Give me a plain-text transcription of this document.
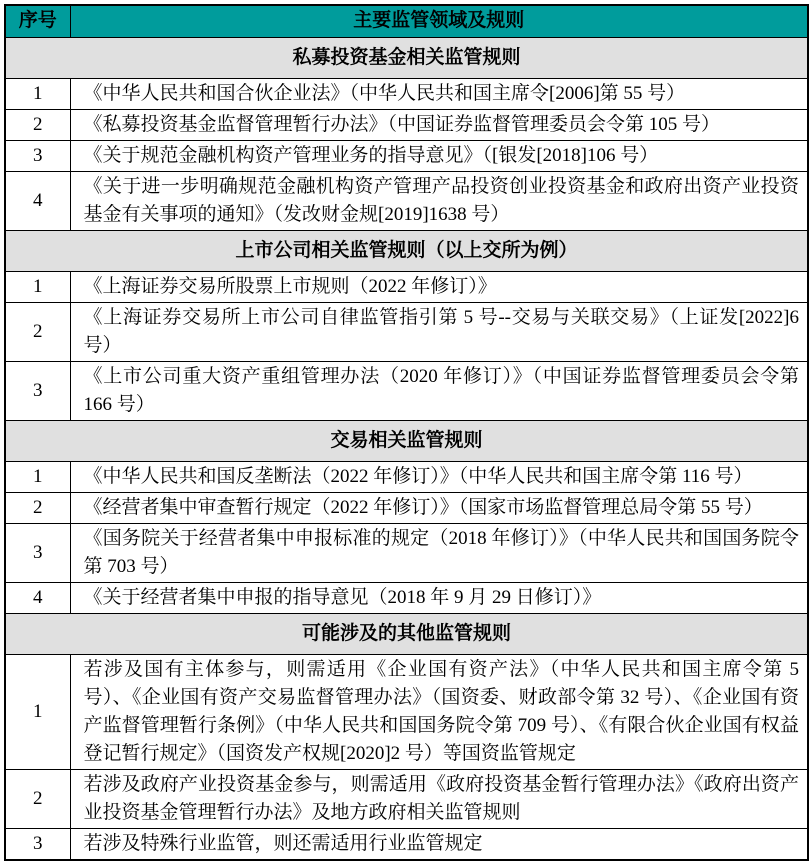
序号	主要监管领域及规则
私募投资基金相关监管规则	
1	《中华人民共和国合伙企业法》（中华人民共和国主席令[2006]第 55 号）
2	《私募投资基金监督管理暂行办法》（中国证券监督管理委员会令第 105 号）
3	《关于规范金融机构资产管理业务的指导意见》（[银发[2018]106 号）
4	《关于进一步明确规范金融机构资产管理产品投资创业投资基金和政府出资产业投资基金有关事项的通知》（发改财金规[2019]1638 号）
上市公司相关监管规则（以上交所为例）	
1	《上海证券交易所股票上市规则（2022 年修订）》
2	《上海证券交易所上市公司自律监管指引第 5 号--交易与关联交易》（上证发[2022]6 号）
3	《上市公司重大资产重组管理办法（2020 年修订）》（中国证券监督管理委员会令第 166 号）
交易相关监管规则	
1	《中华人民共和国反垄断法（2022 年修订）》（中华人民共和国主席令第 116 号）
2	《经营者集中审查暂行规定（2022 年修订）》（国家市场监督管理总局令第 55 号）
3	《国务院关于经营者集中申报标准的规定（2018 年修订）》（中华人民共和国国务院令第 703 号）
4	《关于经营者集中申报的指导意见（2018 年 9 月 29 日修订）》
可能涉及的其他监管规则	
1	若涉及国有主体参与，则需适用《企业国有资产法》（中华人民共和国主席令第 5 号）、《企业国有资产交易监督管理办法》（国资委、财政部令第 32 号）、《企业国有资产监督管理暂行条例》（中华人民共和国国务院令第 709 号）、《有限合伙企业国有权益登记暂行规定》（国资发产权规[2020]2 号）等国资监管规定
2	若涉及政府产业投资基金参与，则需适用《政府投资基金暂行管理办法》《政府出资产业投资基金管理暂行办法》及地方政府相关监管规则
3	若涉及特殊行业监管，则还需适用行业监管规定
